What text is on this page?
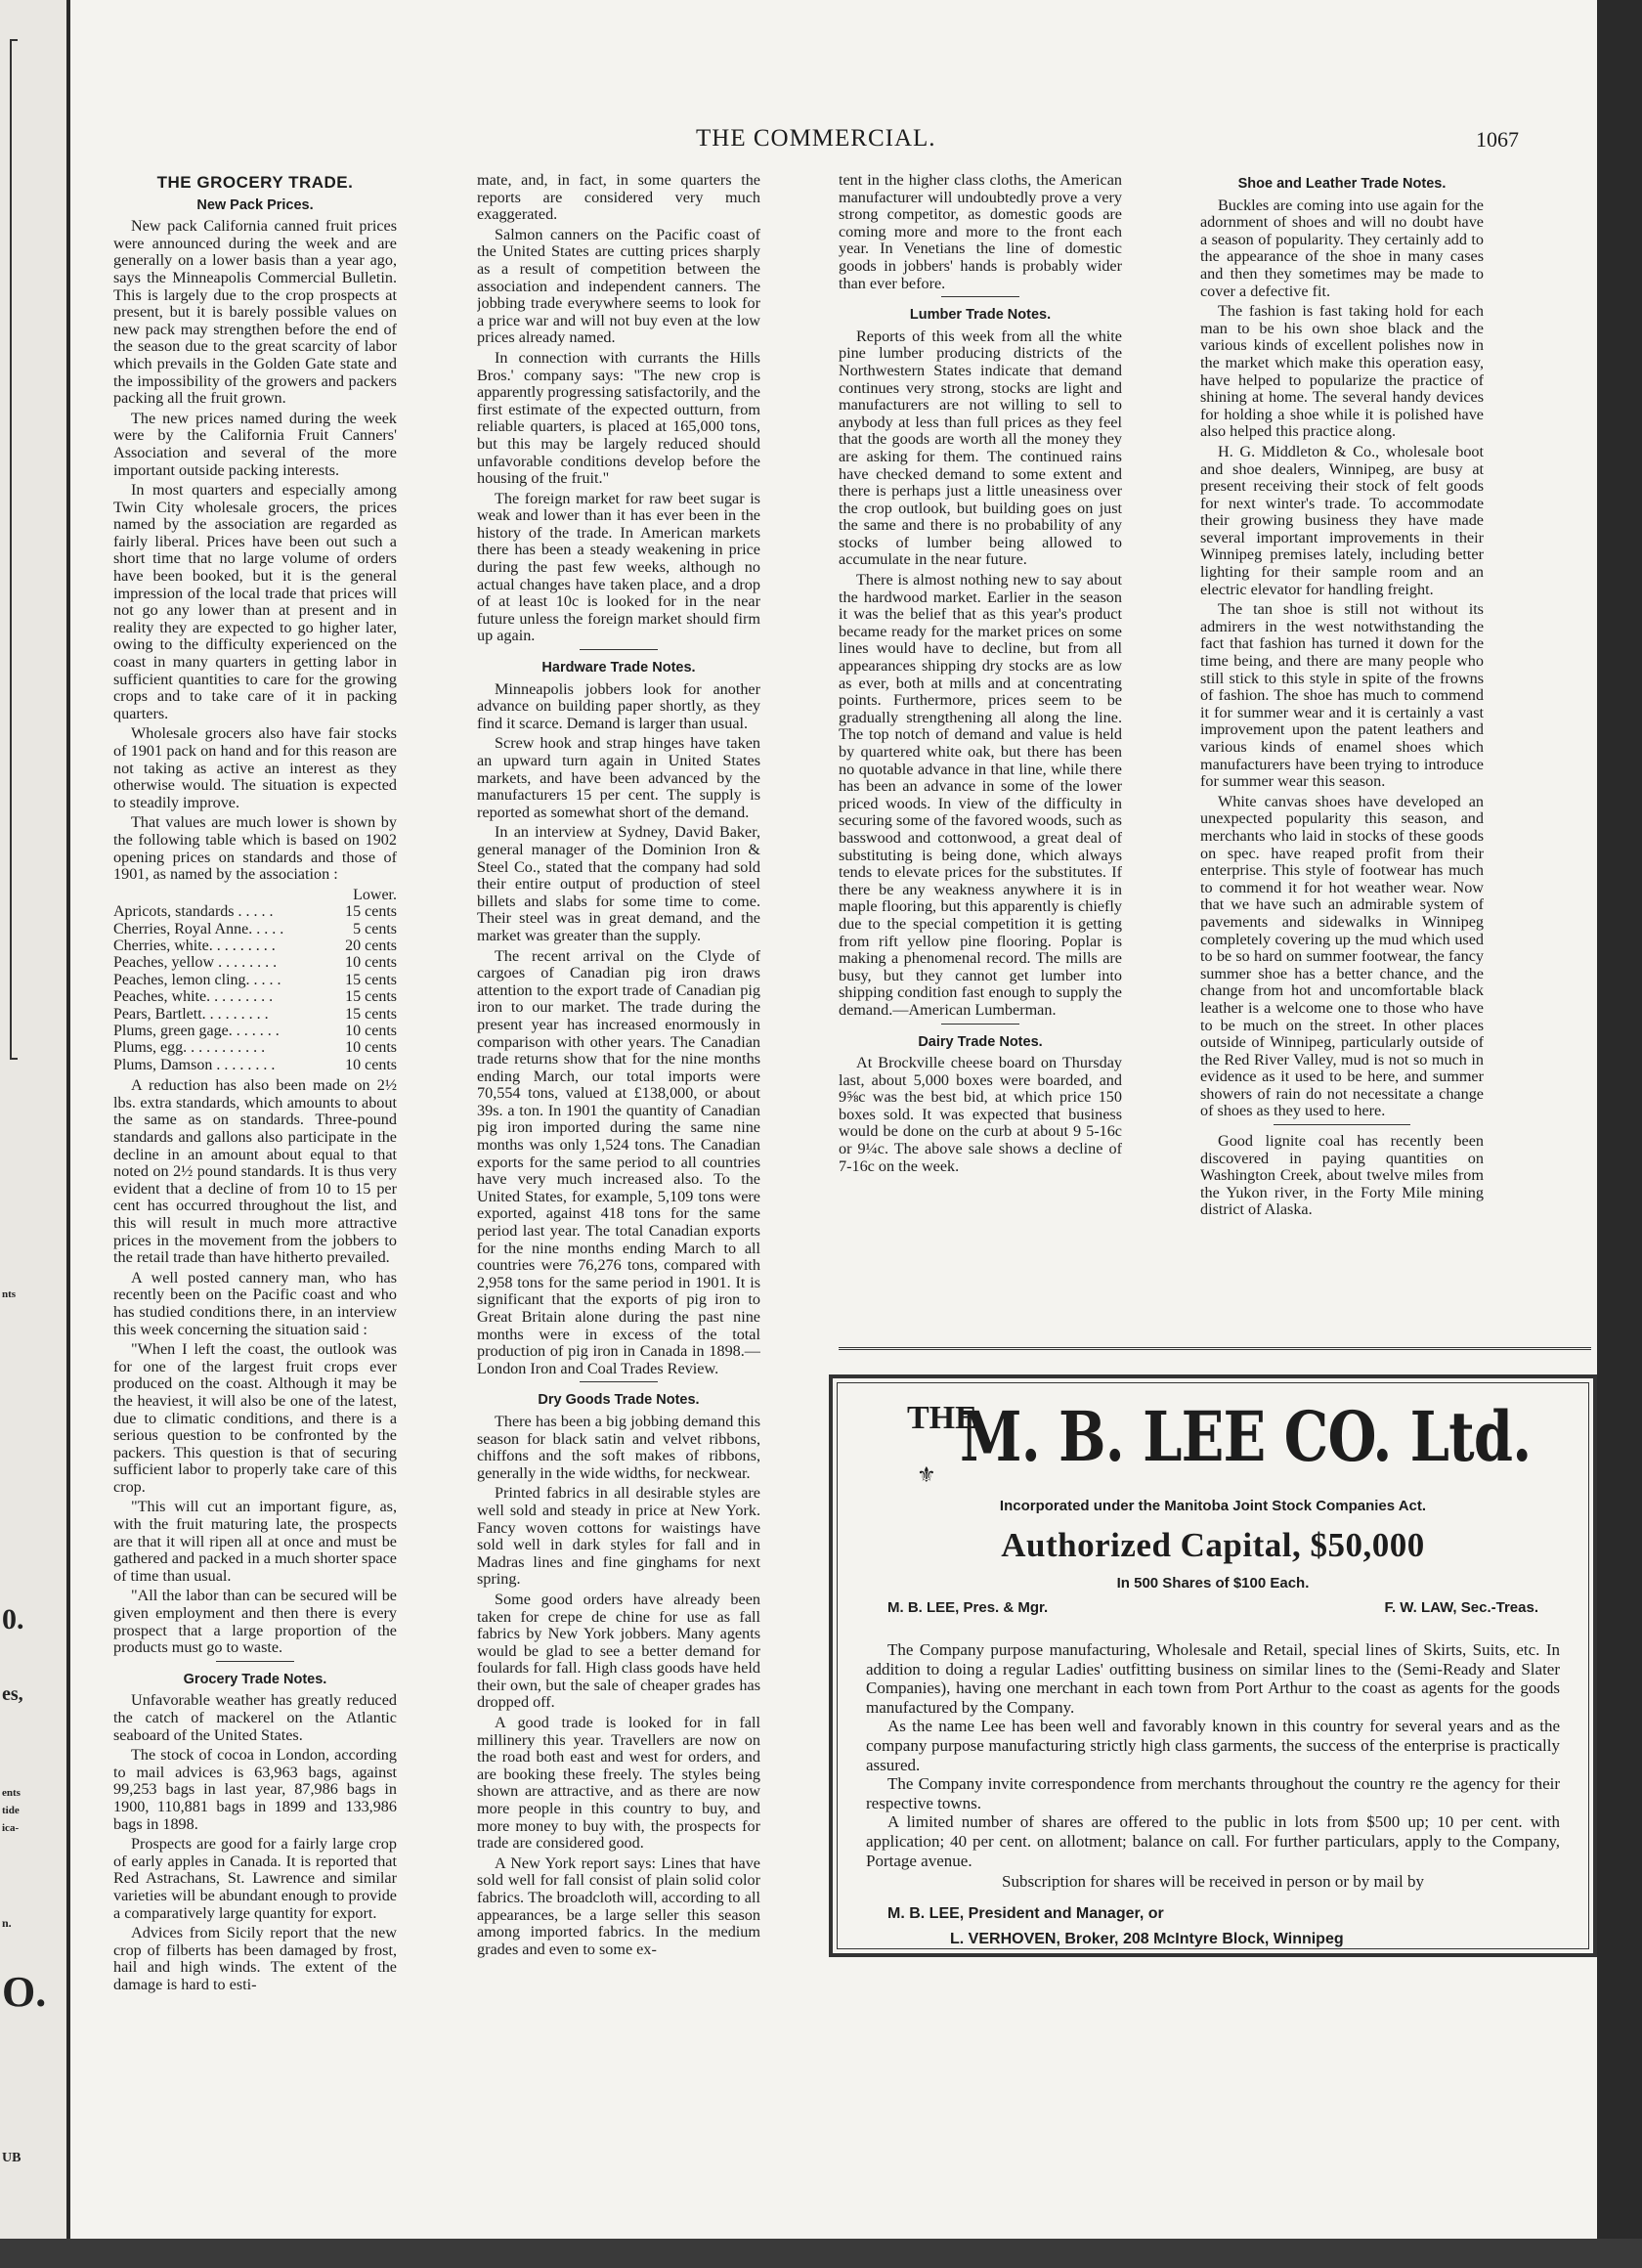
nts
0.
es,
ents
tide
ica-
n.
O.
UB
THE COMMERCIAL.	1067
THE GROCERY TRADE.
New Pack Prices.

New pack California canned fruit prices were announced during the week and are generally on a lower basis than a year ago, says the Minneapolis Commercial Bulletin. This is largely due to the crop prospects at present, but it is barely possible values on new pack may strengthen before the end of the season due to the great scarcity of labor which prevails in the Golden Gate state and the impossibility of the growers and packers packing all the fruit grown.

The new prices named during the week were by the California Fruit Canners' Association and several of the more important outside packing interests.

In most quarters and especially among Twin City wholesale grocers, the prices named by the association are regarded as fairly liberal. Prices have been out such a short time that no large volume of orders have been booked, but it is the general impression of the local trade that prices will not go any lower than at present and in reality they are expected to go higher later, owing to the difficulty experienced on the coast in many quarters in getting labor in sufficient quantities to care for the growing crops and to take care of it in packing quarters.

Wholesale grocers also have fair stocks of 1901 pack on hand and for this reason are not taking as active an interest as they otherwise would. The situation is expected to steadily improve.

That values are much lower is shown by the following table which is based on 1902 opening prices on standards and those of 1901, as named by the association :

	Lower.
Apricots, standards . . . . .	15 cents
Cherries, Royal Anne. . . . .	5 cents
Cherries, white. . . . . . . . .	20 cents
Peaches, yellow . . . . . . . .	10 cents
Peaches, lemon cling. . . . .	15 cents
Peaches, white. . . . . . . . .	15 cents
Pears, Bartlett. . . . . . . . .	15 cents
Plums, green gage. . . . . . .	10 cents
Plums, egg. . . . . . . . . . .	10 cents
Plums, Damson . . . . . . . .	10 cents

A reduction has also been made on 2½ lbs. extra standards, which amounts to about the same as on standards. Three-pound standards and gallons also participate in the decline in an amount about equal to that noted on 2½ pound standards. It is thus very evident that a decline of from 10 to 15 per cent has occurred throughout the list, and this will result in much more attractive prices in the movement from the jobbers to the retail trade than have hitherto prevailed.

A well posted cannery man, who has recently been on the Pacific coast and who has studied conditions there, in an interview this week concerning the situation said :

"When I left the coast, the outlook was for one of the largest fruit crops ever produced on the coast. Although it may be the heaviest, it will also be one of the latest, due to climatic conditions, and there is a serious question to be confronted by the packers. This question is that of securing sufficient labor to properly take care of this crop.

"This will cut an important figure, as, with the fruit maturing late, the prospects are that it will ripen all at once and must be gathered and packed in a much shorter space of time than usual.

"All the labor than can be secured will be given employment and then there is every prospect that a large proportion of the products must go to waste.

Grocery Trade Notes.

Unfavorable weather has greatly reduced the catch of mackerel on the Atlantic seaboard of the United States.

The stock of cocoa in London, according to mail advices is 63,963 bags, against 99,253 bags in last year, 87,986 bags in 1900, 110,881 bags in 1899 and 133,986 bags in 1898.

Prospects are good for a fairly large crop of early apples in Canada. It is reported that Red Astrachans, St. Lawrence and similar varieties will be abundant enough to provide a comparatively large quantity for export.

Advices from Sicily report that the new crop of filberts has been damaged by frost, hail and high winds. The extent of the damage is hard to esti-

mate, and, in fact, in some quarters the reports are considered very much exaggerated.

Salmon canners on the Pacific coast of the United States are cutting prices sharply as a result of competition between the association and independent canners. The jobbing trade everywhere seems to look for a price war and will not buy even at the low prices already named.

In connection with currants the Hills Bros.' company says: "The new crop is apparently progressing satisfactorily, and the first estimate of the expected outturn, from reliable quarters, is placed at 165,000 tons, but this may be largely reduced should unfavorable conditions develop before the housing of the fruit."

The foreign market for raw beet sugar is weak and lower than it has ever been in the history of the trade. In American markets there has been a steady weakening in price during the past few weeks, although no actual changes have taken place, and a drop of at least 10c is looked for in the near future unless the foreign market should firm up again.

Hardware Trade Notes.

Minneapolis jobbers look for another advance on building paper shortly, as they find it scarce. Demand is larger than usual.

Screw hook and strap hinges have taken an upward turn again in United States markets, and have been advanced by the manufacturers 15 per cent. The supply is reported as somewhat short of the demand.

In an interview at Sydney, David Baker, general manager of the Dominion Iron & Steel Co., stated that the company had sold their entire output of production of steel billets and slabs for some time to come. Their steel was in great demand, and the market was greater than the supply.

The recent arrival on the Clyde of cargoes of Canadian pig iron draws attention to the export trade of Canadian pig iron to our market. The trade during the present year has increased enormously in comparison with other years. The Canadian trade returns show that for the nine months ending March, our total imports were 70,554 tons, valued at £138,000, or about 39s. a ton. In 1901 the quantity of Canadian pig iron imported during the same nine months was only 1,524 tons. The Canadian exports for the same period to all countries have very much increased also. To the United States, for example, 5,109 tons were exported, against 418 tons for the same period last year. The total Canadian exports for the nine months ending March to all countries were 76,276 tons, compared with 2,958 tons for the same period in 1901. It is significant that the exports of pig iron to Great Britain alone during the past nine months were in excess of the total production of pig iron in Canada in 1898.—London Iron and Coal Trades Review.

Dry Goods Trade Notes.

There has been a big jobbing demand this season for black satin and velvet ribbons, chiffons and the soft makes of ribbons, generally in the wide widths, for neckwear.

Printed fabrics in all desirable styles are well sold and steady in price at New York. Fancy woven cottons for waistings have sold well in dark styles for fall and in Madras lines and fine ginghams for next spring.

Some good orders have already been taken for crepe de chine for use as fall fabrics by New York jobbers. Many agents would be glad to see a better demand for foulards for fall. High class goods have held their own, but the sale of cheaper grades has dropped off.

A good trade is looked for in fall millinery this year. Travellers are now on the road both east and west for orders, and are booking these freely. The styles being shown are attractive, and as there are now more people in this country to buy, and more money to buy with, the prospects for trade are considered good.

A New York report says: Lines that have sold well for fall consist of plain solid color fabrics. The broadcloth will, according to all appearances, be a large seller this season among imported fabrics. In the medium grades and even to some ex-

tent in the higher class cloths, the American manufacturer will undoubtedly prove a very strong competitor, as domestic goods are coming more and more to the front each year. In Venetians the line of domestic goods in jobbers' hands is probably wider than ever before.

Lumber Trade Notes.

Reports of this week from all the white pine lumber producing districts of the Northwestern States indicate that demand continues very strong, stocks are light and manufacturers are not willing to sell to anybody at less than full prices as they feel that the goods are worth all the money they are asking for them. The continued rains have checked demand to some extent and there is perhaps just a little uneasiness over the crop outlook, but building goes on just the same and there is no probability of any stocks of lumber being allowed to accumulate in the near future.

There is almost nothing new to say about the hardwood market. Earlier in the season it was the belief that as this year's product became ready for the market prices on some lines would have to decline, but from all appearances shipping dry stocks are as low as ever, both at mills and at concentrating points. Furthermore, prices seem to be gradually strengthening all along the line. The top notch of demand and value is held by quartered white oak, but there has been no quotable advance in that line, while there has been an advance in some of the lower priced woods. In view of the difficulty in securing some of the favored woods, such as basswood and cottonwood, a great deal of substituting is being done, which always tends to elevate prices for the substitutes. If there be any weakness anywhere it is in maple flooring, but this apparently is chiefly due to the special competition it is getting from rift yellow pine flooring. Poplar is making a phenomenal record. The mills are busy, but they cannot get lumber into shipping condition fast enough to supply the demand.—American Lumberman.

Dairy Trade Notes.

At Brockville cheese board on Thursday last, about 5,000 boxes were boarded, and 9⅝c was the best bid, at which price 150 boxes sold. It was expected that business would be done on the curb at about 9 5-16c or 9¼c. The above sale shows a decline of 7-16c on the week.

Shoe and Leather Trade Notes.

Buckles are coming into use again for the adornment of shoes and will no doubt have a season of popularity. They certainly add to the appearance of the shoe in many cases and then they sometimes may be made to cover a defective fit.

The fashion is fast taking hold for each man to be his own shoe black and the various kinds of excellent polishes now in the market which make this operation easy, have helped to popularize the practice of shining at home. The several handy devices for holding a shoe while it is polished have also helped this practice along.

H. G. Middleton & Co., wholesale boot and shoe dealers, Winnipeg, are busy at present receiving their stock of felt goods for next winter's trade. To accommodate their growing business they have made several important improvements in their Winnipeg premises lately, including better lighting for their sample room and an electric elevator for handling freight.

The tan shoe is still not without its admirers in the west notwithstanding the fact that fashion has turned it down for the time being, and there are many people who still stick to this style in spite of the frowns of fashion. The shoe has much to commend it for summer wear and it is certainly a vast improvement upon the patent leathers and various kinds of enamel shoes which manufacturers have been trying to introduce for summer wear this season.

White canvas shoes have developed an unexpected popularity this season, and merchants who laid in stocks of these goods on spec. have reaped profit from their enterprise. This style of footwear has much to commend it for hot weather wear. Now that we have such an admirable system of pavements and sidewalks in Winnipeg completely covering up the mud which used to be so hard on summer footwear, the fancy summer shoe has a better chance, and the change from hot and uncomfortable black leather is a welcome one to those who have to be much on the street. In other places outside of Winnipeg, particularly outside of the Red River Valley, mud is not so much in evidence as it used to be here, and summer showers of rain do not necessitate a change of shoes as they used to here.

Good lignite coal has recently been discovered in paying quantities on Washington Creek, about twelve miles from the Yukon river, in the Forty Mile mining district of Alaska.

THE
⚜ M. B. LEE CO. Ltd.
Incorporated under the Manitoba Joint Stock Companies Act.
Authorized Capital, $50,000
In 500 Shares of $100 Each.
M. B. LEE, Pres. & Mgr.	F. W. LAW, Sec.-Treas.

The Company purpose manufacturing, Wholesale and Retail, special lines of Skirts, Suits, etc. In addition to doing a regular Ladies' outfitting business on similar lines to the (Semi-Ready and Slater Companies), having one merchant in each town from Port Arthur to the coast as agents for the goods manufactured by the Company.

As the name Lee has been well and favorably known in this country for several years and as the company purpose manufacturing strictly high class garments, the success of the enterprise is practically assured.

The Company invite correspondence from merchants throughout the country re the agency for their respective towns.

A limited number of shares are offered to the public in lots from $500 up; 10 per cent. with application; 40 per cent. on allotment; balance on call. For further particulars, apply to the Company, Portage avenue.

Subscription for shares will be received in person or by mail by
M. B. LEE, President and Manager, or
L. VERHOVEN, Broker, 208 McIntyre Block, Winnipeg
